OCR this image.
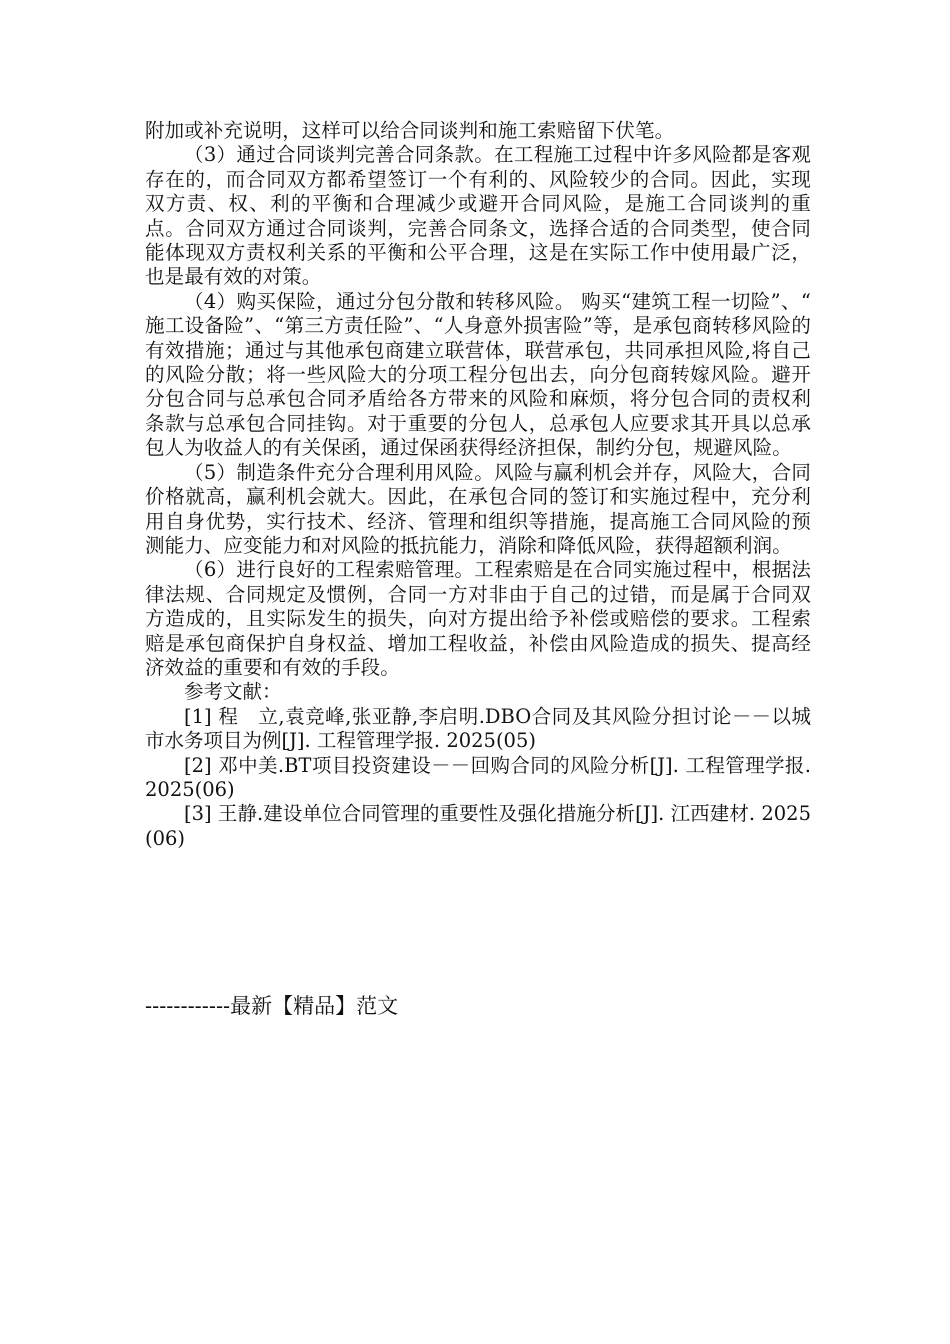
附加或补充说明，这样可以给合同谈判和施工索赔留下伏笔。

（3）通过合同谈判完善合同条款。在工程施工过程中许多风险都是客观存在的，而合同双方都希望签订一个有利的、风险较少的合同。因此，实现双方责、权、利的平衡和合理减少或避开合同风险，是施工合同谈判的重点。合同双方通过合同谈判，完善合同条文，选择合适的合同类型，使合同能体现双方责权利关系的平衡和公平合理，这是在实际工作中使用最广泛，也是最有效的对策。

（4）购买保险，通过分包分散和转移风险。 购买“建筑工程一切险”、“ 施工设备险”、“第三方责任险”、“人身意外损害险”等，是承包商转移风险的有效措施；通过与其他承包商建立联营体，联营承包，共同承担风险,将自己的风险分散；将一些风险大的分项工程分包出去，向分包商转嫁风险。避开分包合同与总承包合同矛盾给各方带来的风险和麻烦，将分包合同的责权利条款与总承包合同挂钩。对于重要的分包人，总承包人应要求其开具以总承包人为收益人的有关保函，通过保函获得经济担保，制约分包，规避风险。

（5）制造条件充分合理利用风险。风险与赢利机会并存，风险大，合同价格就高，赢利机会就大。因此，在承包合同的签订和实施过程中，充分利用自身优势，实行技术、经济、管理和组织等措施，提高施工合同风险的预测能力、应变能力和对风险的抵抗能力，消除和降低风险，获得超额利润。

（6）进行良好的工程索赔管理。工程索赔是在合同实施过程中，根据法律法规、合同规定及惯例，合同一方对非由于自己的过错，而是属于合同双方造成的，且实际发生的损失，向对方提出给予补偿或赔偿的要求。工程索赔是承包商保护自身权益、增加工程收益，补偿由风险造成的损失、提高经济效益的重要和有效的手段。

参考文献：

[1] 程　立,袁竞峰,张亚静,李启明.DBO合同及其风险分担讨论－－以城市水务项目为例[J]. 工程管理学报. 2025(05)

[2] 邓中美.BT项目投资建设－－回购合同的风险分析[J]. 工程管理学报. 2025(06)

[3] 王静.建设单位合同管理的重要性及强化措施分析[J]. 江西建材. 2025(06)

------------最新【精品】范文
